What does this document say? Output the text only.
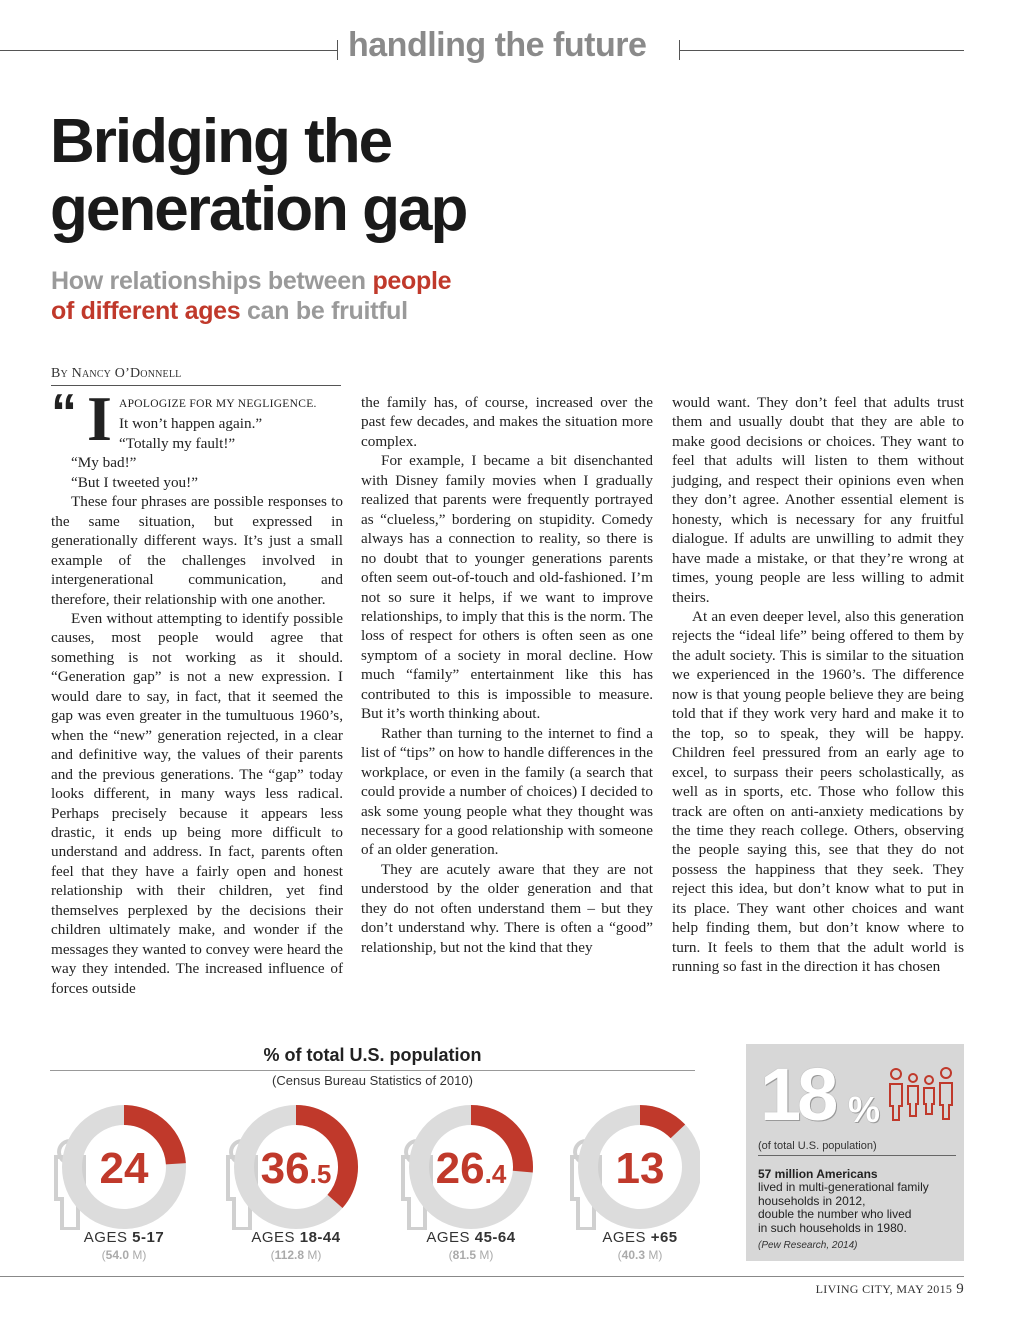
handling the future
Bridging the
generation gap
How relationships between people
of different ages can be fruitful
By Nancy O’Donnell
“ I APOLOGIZE FOR MY NEGLIGENCE.
It won’t happen again.”
“Totally my fault!”

“My bad!”

“But I tweeted you!”

These four phrases are possible responses to the same situation, but expressed in generationally different ways. It’s just a small example of the challenges involved in intergenerational communication, and therefore, their relationship with one another.

Even without attempting to identify possible causes, most people would agree that something is not working as it should. “Generation gap” is not a new expression. I would dare to say, in fact, that it seemed the gap was even greater in the tumultuous 1960’s, when the “new” generation rejected, in a clear and definitive way, the values of their parents and the previous generations. The “gap” today looks different, in many ways less radical. Perhaps precisely because it appears less drastic, it ends up being more difficult to understand and address. In fact, parents often feel that they have a fairly open and honest relationship with their children, yet find themselves perplexed by the decisions their children ultimately make, and wonder if the messages they wanted to convey were heard the way they intended. The increased influence of forces outside

the family has, of course, increased over the past few decades, and makes the situation more complex.

For example, I became a bit disenchanted with Disney family movies when I gradually realized that parents were frequently portrayed as “clueless,” bordering on stupidity. Comedy always has a connection to reality, so there is no doubt that to younger generations parents often seem out-of-touch and old-fashioned. I’m not so sure it helps, if we want to improve relationships, to imply that this is the norm. The loss of respect for others is often seen as one symptom of a society in moral decline. How much “family” entertainment like this has contributed to this is impossible to measure. But it’s worth thinking about.

Rather than turning to the internet to find a list of “tips” on how to handle differences in the workplace, or even in the family (a search that could provide a number of choices) I decided to ask some young people what they thought was necessary for a good relationship with someone of an older generation.

They are acutely aware that they are not understood by the older generation and that they do not often understand them – but they don’t understand why. There is often a “good” relationship, but not the kind that they

would want. They don’t feel that adults trust them and usually doubt that they are able to make good decisions or choices. They want to feel that adults will listen to them without judging, and respect their opinions even when they don’t agree. Another essential element is honesty, which is necessary for any fruitful dialogue. If adults are unwilling to admit they have made a mistake, or that they’re wrong at times, young people are less willing to admit theirs.

At an even deeper level, also this generation rejects the “ideal life” being offered to them by the adult society. This is similar to the situation we experienced in the 1960’s. The difference now is that young people believe they are being told that if they work very hard and make it to the top, so to speak, they will be happy. Children feel pressured from an early age to excel, to surpass their peers scholastically, as well as in sports, etc. Those who follow this track are often on anti-anxiety medications by the time they reach college. Others, observing the people saying this, see that they do not possess the happiness that they seek. They reject this idea, but don’t know what to put in its place. They want other choices and want help finding them, but don’t know where to turn. It feels to them that the adult world is running so fast in the direction it has chosen

% of total U.S. population
(Census Bureau Statistics of 2010)
24	36.5 26.4 13
AGES 5-17
(54.0 M)
AGES 18-44
(112.8 M)
AGES 45-64
(81.5 M)
AGES +65
(40.3 M)
18 %
(of total U.S. population)
57 million Americans
lived in multi-generational family
households in 2012,
double the number who lived
in such households in 1980.
(Pew Research, 2014)
LIVING CITY, MAY 2015 9
